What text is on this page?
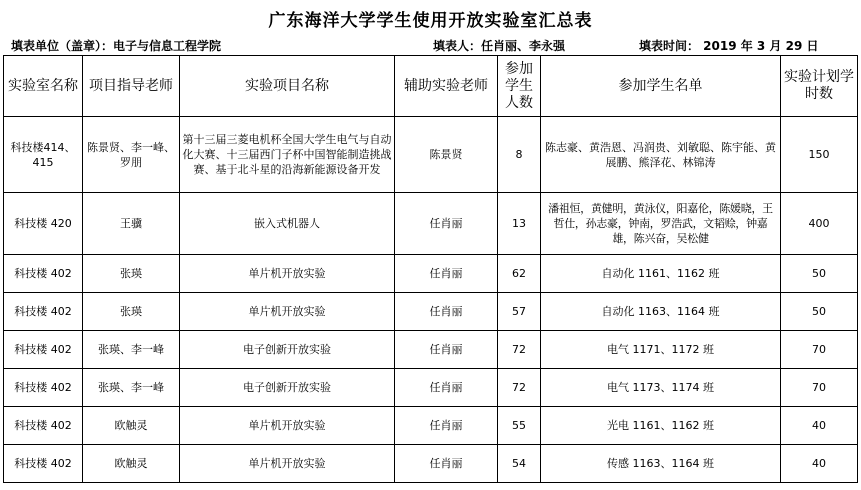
广东海洋大学学生使用开放实验室汇总表
填表单位（盖章）：电子与信息工程学院	填表人：任肖丽、李永强	填表时间： 2019 年 3 月 29 日
实验室名称	项目指导老师	实验项目名称	辅助实验老师	参加学生人数	参加学生名单	实验计划学时数
科技楼414、415	陈景贤、李一峰、罗朋	第十三届三菱电机杯全国大学生电气与自动化大赛、十三届西门子杯中国智能制造挑战赛、基于北斗星的沿海新能源设备开发	陈景贤	8	陈志豪、黄浩恩、冯润贵、刘敏聪、陈宇能、黄展鹏、熊泽花、林锦涛	150
科技楼 420	王骥	嵌入式机器人	任肖丽	13	潘祖恒，黄健明，黄泳仪，阳嘉伦，陈媛晓，王哲仕，孙志豪，钟南，罗浩武，文韬赊，钟嘉雄，陈兴奋，吴松健	400
科技楼 402	张瑛	单片机开放实验	任肖丽	62	自动化 1161、1162 班	50
科技楼 402	张瑛	单片机开放实验	任肖丽	57	自动化 1163、1164 班	50
科技楼 402	张瑛、李一峰	电子创新开放实验	任肖丽	72	电气 1171、1172 班	70
科技楼 402	张瑛、李一峰	电子创新开放实验	任肖丽	72	电气 1173、1174 班	70
科技楼 402	欧触灵	单片机开放实验	任肖丽	55	光电 1161、1162 班	40
科技楼 402	欧触灵	单片机开放实验	任肖丽	54	传感 1163、1164 班	40
